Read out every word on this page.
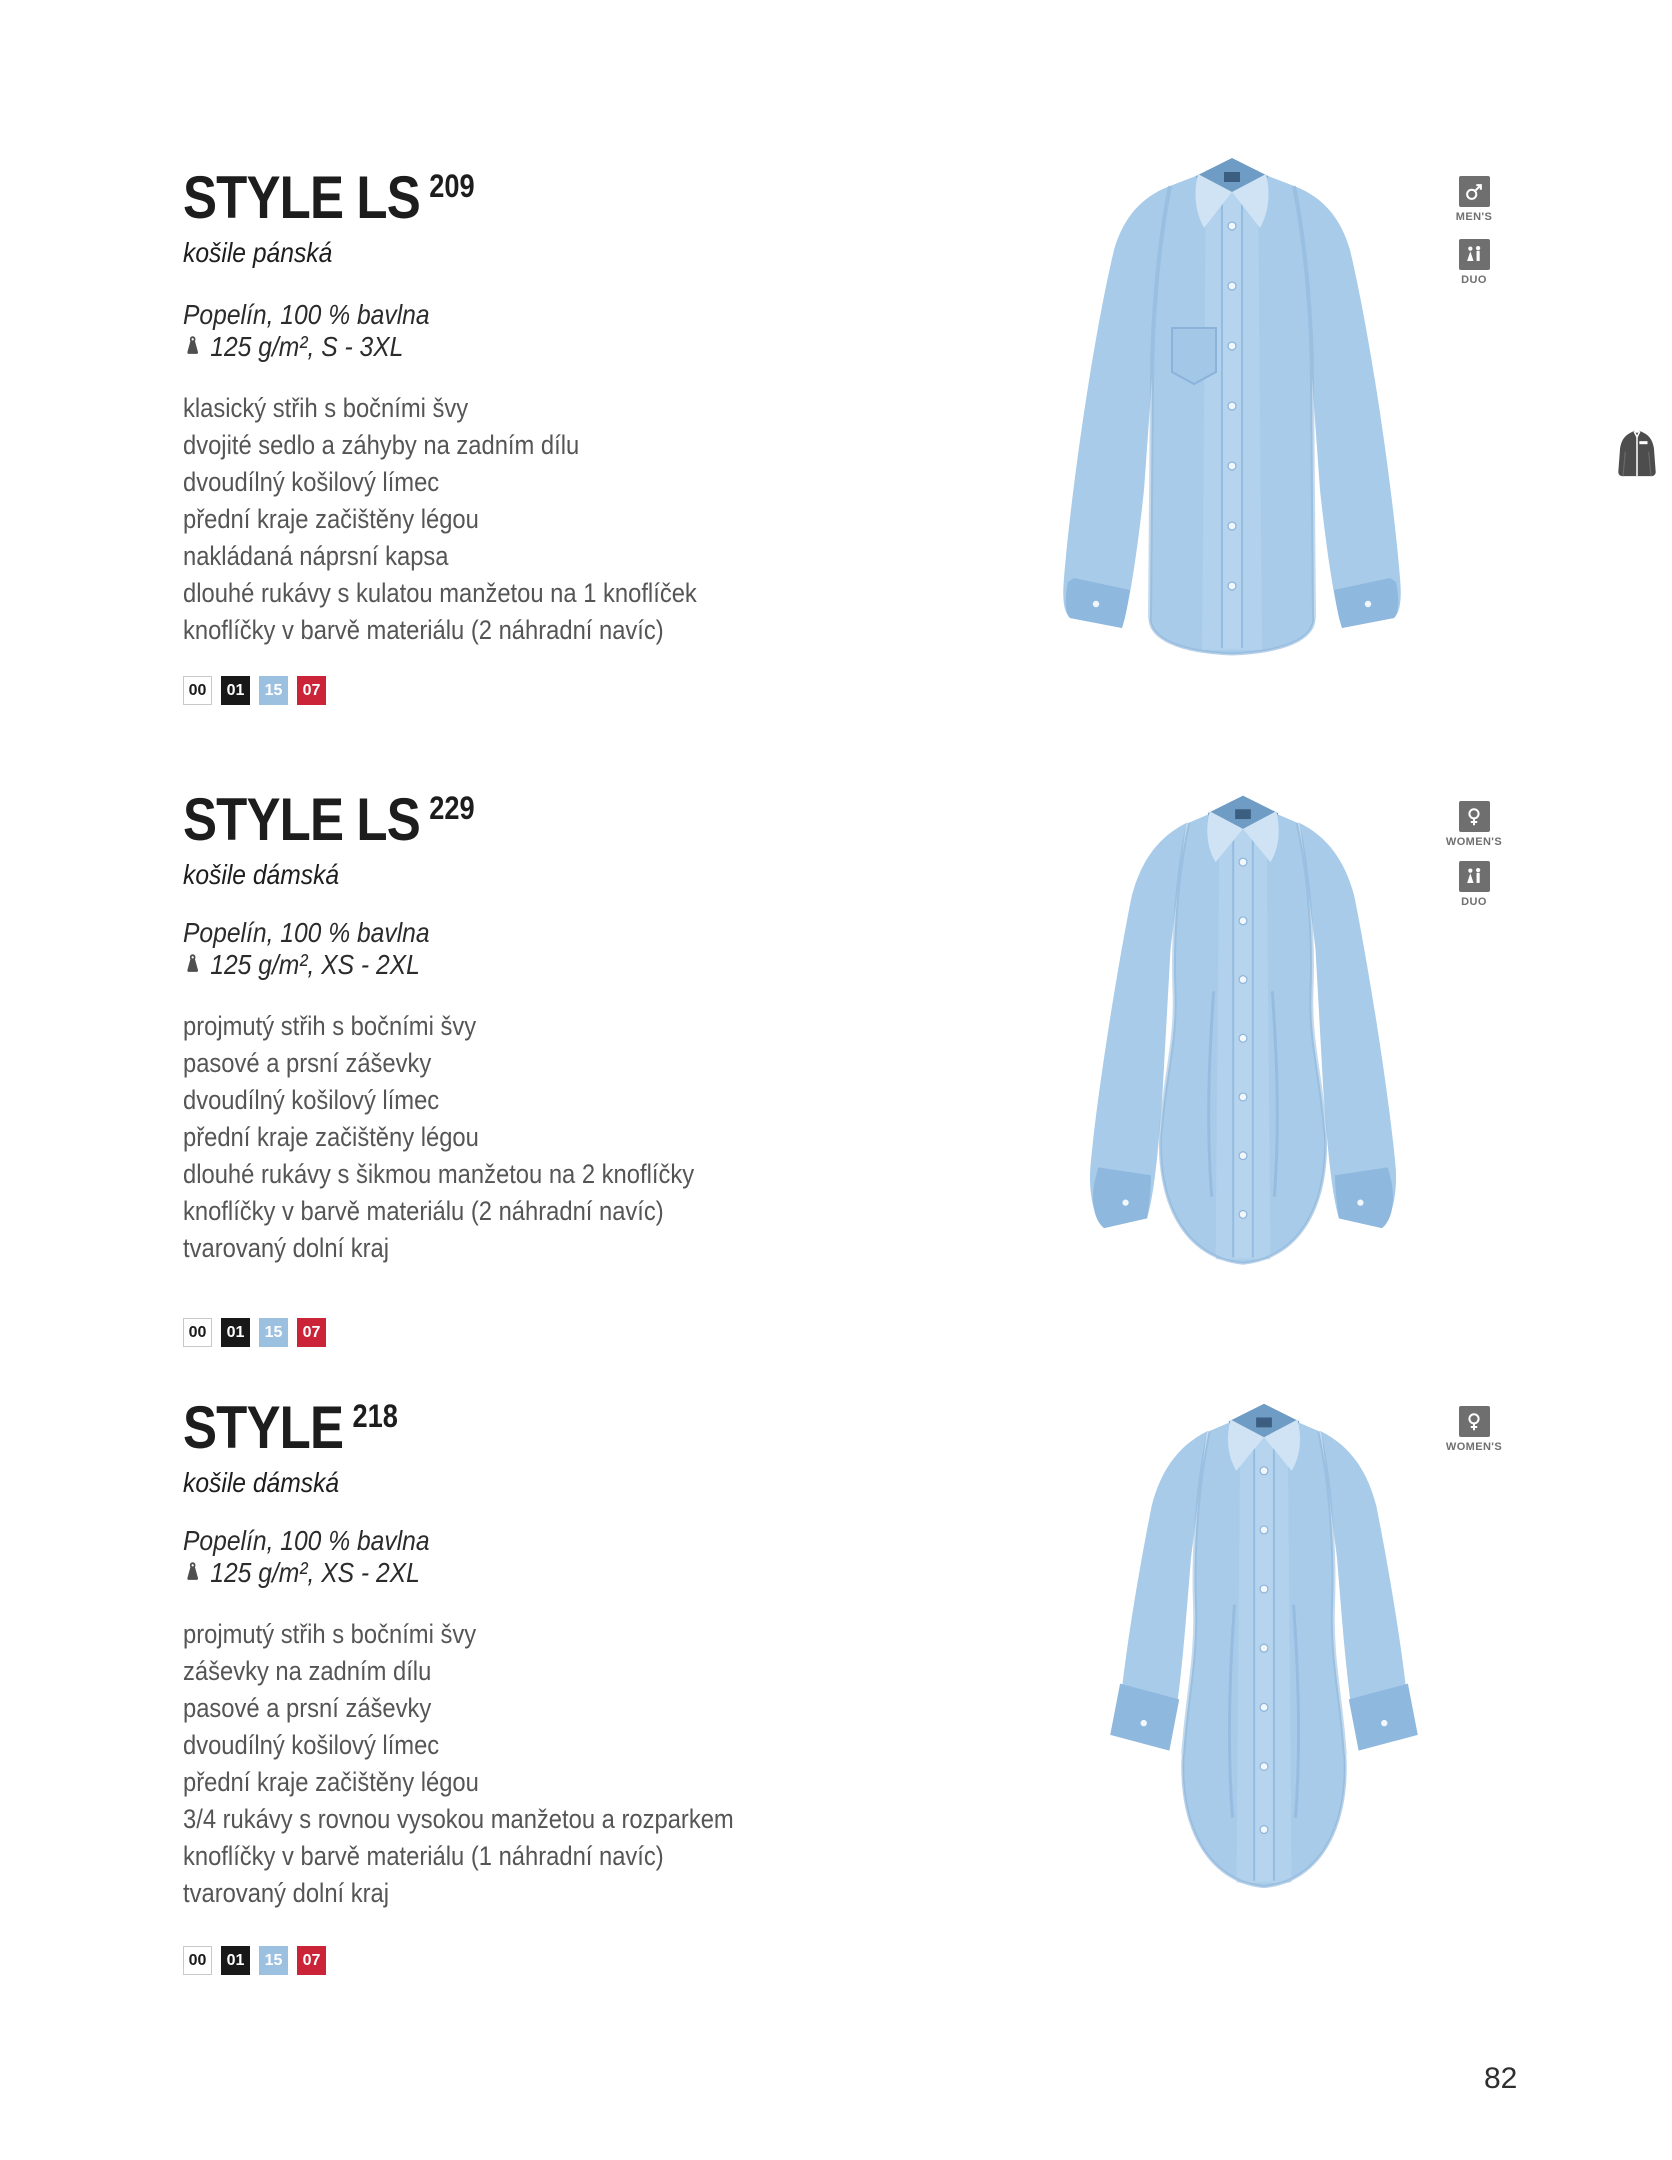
STYLE LS 209
košile pánská
Popelín, 100 % bavlna
125 g/m², S - 3XL
klasický střih s bočními švy
dvojité sedlo a záhyby na zadním dílu
dvoudílný košilový límec
přední kraje začištěny légou
nakládaná náprsní kapsa
dlouhé rukávy s kulatou manžetou na 1 knoflíček
knoflíčky v barvě materiálu (2 náhradní navíc)
00	01	15	07
MEN'S
DUO
STYLE LS 229
košile dámská
Popelín, 100 % bavlna
125 g/m², XS - 2XL
projmutý střih s bočními švy
pasové a prsní záševky
dvoudílný košilový límec
přední kraje začištěny légou
dlouhé rukávy s šikmou manžetou na 2 knoflíčky
knoflíčky v barvě materiálu (2 náhradní navíc)
tvarovaný dolní kraj
00	01	15	07
WOMEN'S
DUO
STYLE 218
košile dámská
Popelín, 100 % bavlna
125 g/m², XS - 2XL
projmutý střih s bočními švy
záševky na zadním dílu
pasové a prsní záševky
dvoudílný košilový límec
přední kraje začištěny légou
3/4 rukávy s rovnou vysokou manžetou a rozparkem
knoflíčky v barvě materiálu (1 náhradní navíc)
tvarovaný dolní kraj
00	01	15	07
WOMEN'S
82
